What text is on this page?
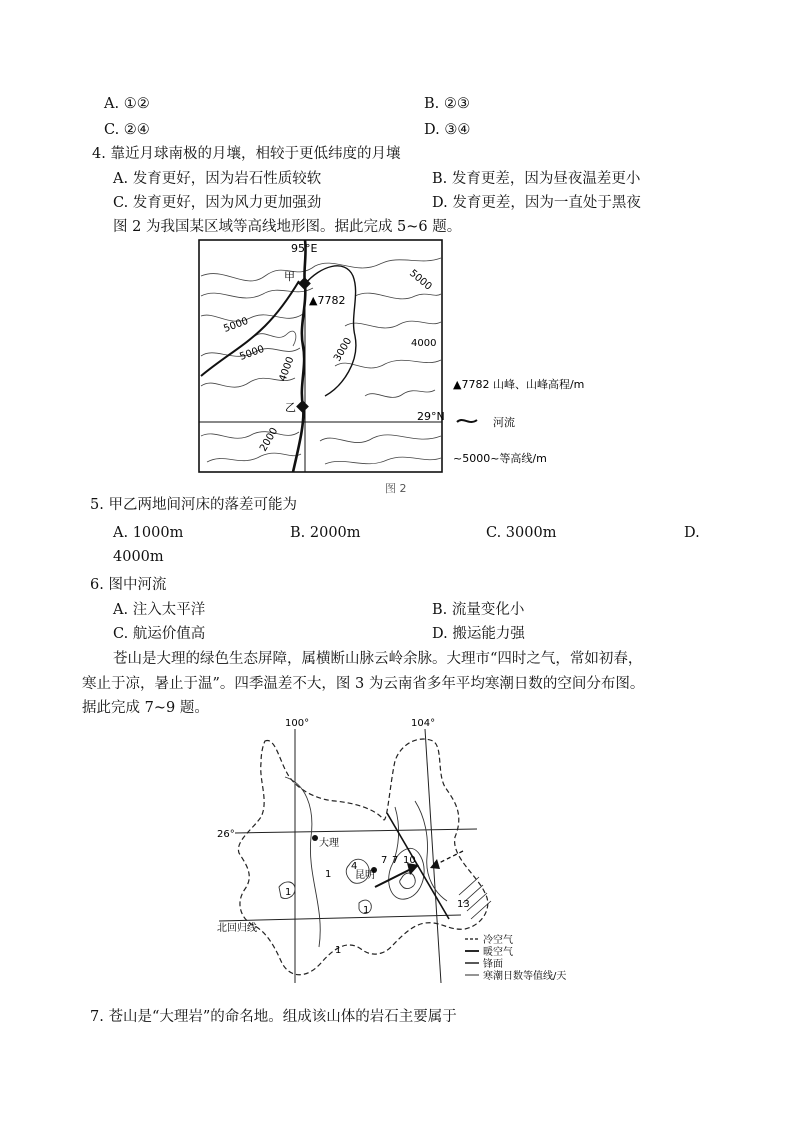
A. ①②	B. ②③
C. ②④	D. ③④
4. 靠近月球南极的月壤，相较于更低纬度的月壤
A. 发育更好，因为岩石性质较软	B. 发育更差，因为昼夜温差更小
C. 发育更好，因为风力更加强劲	D. 发育更差，因为一直处于黑夜
图 2 为我国某区域等高线地形图。据此完成 5~6 题。
95°E
甲
乙
▲7782
29°N
5000
5000
5000
4000
4000
3000
2000
▲7782 山峰、山峰高程/m
河流
~5000~等高线/m
图 2
5. 甲乙两地间河床的落差可能为
A. 1000m	B. 2000m	C. 3000m	D.
4000m
6. 图中河流
A. 注入太平洋	B. 流量变化小
C. 航运价值高	D. 搬运能力强
苍山是大理的绿色生态屏障，属横断山脉云岭余脉。大理市“四时之气，常如初春，
寒止于凉，暑止于温”。四季温差不大，图 3 为云南省多年平均寒潮日数的空间分布图。
据此完成 7~9 题。
100°	104°
26°
大理
昆明
北回归线
1
4
1
1
7 7 10
13
1
冷空气
暖空气
锋面
寒潮日数等值线/天
7. 苍山是“大理岩”的命名地。组成该山体的岩石主要属于
